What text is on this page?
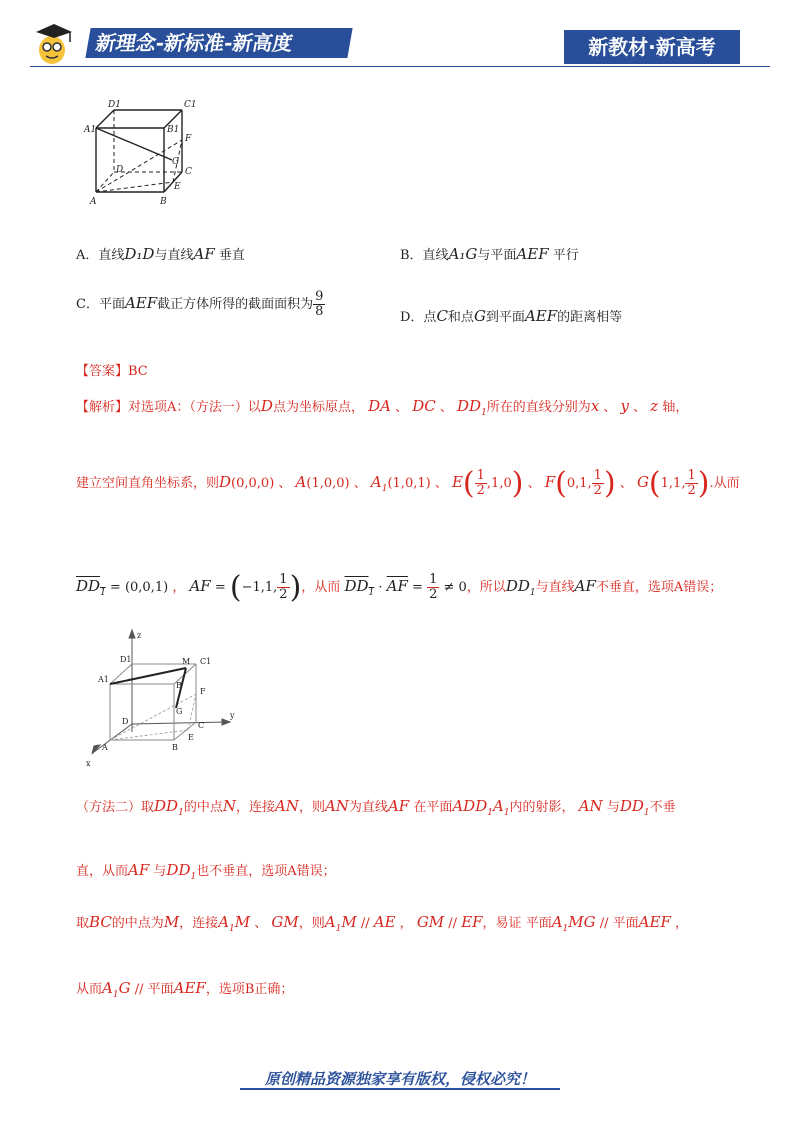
新理念-新标准-新高度	新教材·新高考
D1	C1
A1	B1
F
D
G
C
E
A	B
A．直线D₁D与直线AF 垂直	B．直线A₁G与平面AEF 平行
C．平面AEF截正方体所得的截面面积为 $\frac{9}{8}$	D．点C和点G到平面AEF的距离相等
【答案】BC
【解析】对选项A：（方法一）以D点为坐标原点， DA 、 DC 、 $DD_1$所在的直线分别为x 、 y 、 z 轴，
建立空间直角坐标系，则D(0,0,0) 、 A(1,0,0) 、 $A_1(1,0,1)$ 、 $E( \frac{1}{2} ,1,0)$ 、 F(0,1, $\frac{1}{2}$ ) 、 G(1,1, $\frac{1}{2}$ ).从而
$DD_1 = (0,0,1)$ ， AF = (−1,1, $\frac{1}{2}$ )，从而 $DD_1 \cdot \overline{AF} = \frac{1}{2} \ne 0$，所以$DD_1$与直线AF不垂直，选项A错误；
z
D1	M C1
A1
B
F
G
D
y
C
A	B
E
x
（方法二）取$DD_1$的中点N，连接AN，则AN为直线AF 在平面$ADD_1A_1$内的射影， AN 与$DD_1$不垂
直，从而AF 与$DD_1$也不垂直，选项A错误；
取BC的中点为M，连接$A_1M$ 、 GM，则$A_1M$ // AE ， GM // EF，易证 平面$A_1MG$ // 平面AEF ，
从而$A_1G$ // 平面AEF，选项B正确；
原创精品资源独家享有版权，侵权必究！
